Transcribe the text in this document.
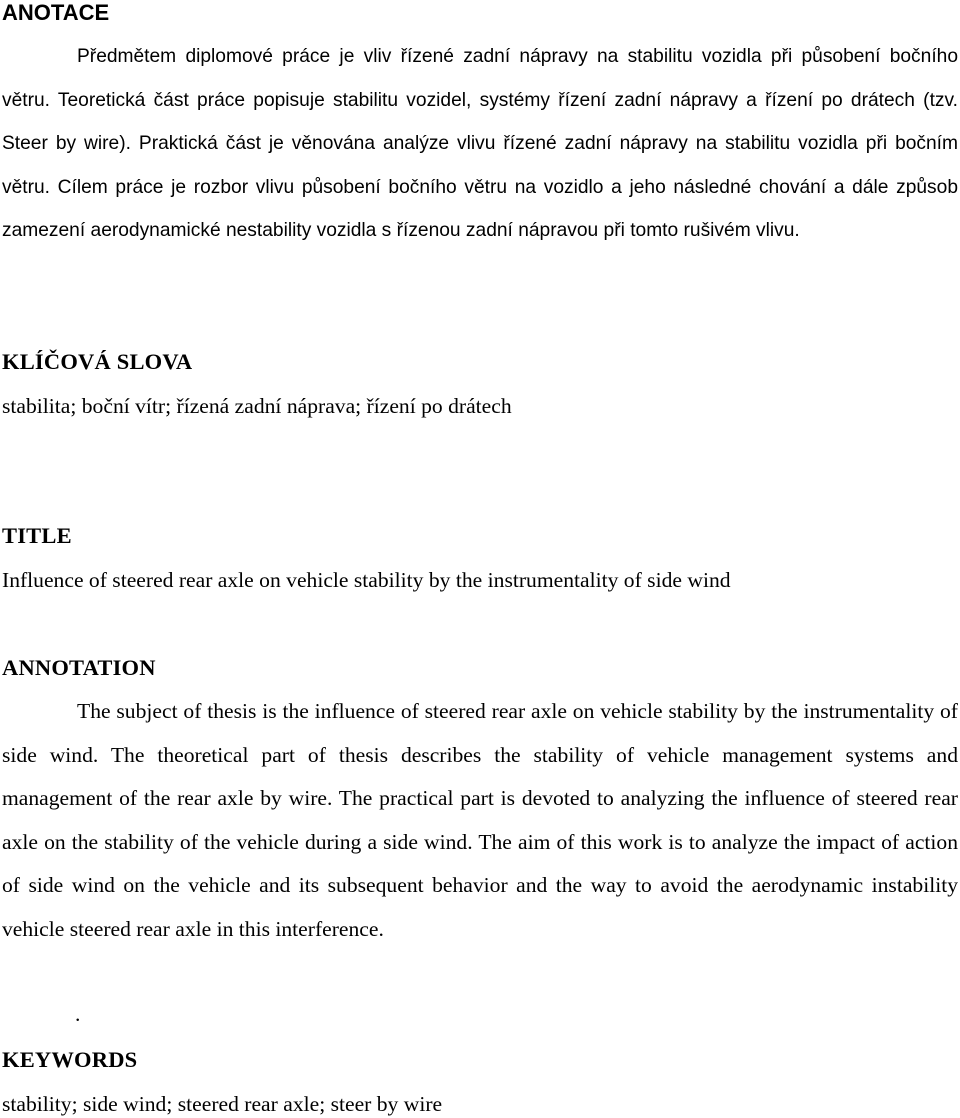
ANOTACE

Předmětem diplomové práce je vliv řízené zadní nápravy na stabilitu vozidla při působení bočního větru. Teoretická část práce popisuje stabilitu vozidel, systémy řízení zadní nápravy a řízení po drátech (tzv. Steer by wire). Praktická část je věnována analýze vlivu řízené zadní nápravy na stabilitu vozidla při bočním větru. Cílem práce je rozbor vlivu působení bočního větru na vozidlo a jeho následné chování a dále způsob zamezení aerodynamické nestability vozidla s řízenou zadní nápravou při tomto rušivém vlivu.

KLÍČOVÁ SLOVA

stabilita; boční vítr; řízená zadní náprava; řízení po drátech

TITLE

Influence of steered rear axle on vehicle stability by the instrumentality of side wind

ANNOTATION

The subject of thesis is the influence of steered rear axle on vehicle stability by the instrumentality of side wind. The theoretical part of thesis describes the stability of vehicle management systems and management of the rear axle by wire. The practical part is devoted to analyzing the influence of steered rear axle on the stability of the vehicle during a side wind. The aim of this work is to analyze the impact of action of side wind on the vehicle and its subsequent behavior and the way to avoid the aerodynamic instability vehicle steered rear axle in this interference.

.

KEYWORDS

stability; side wind; steered rear axle; steer by wire
